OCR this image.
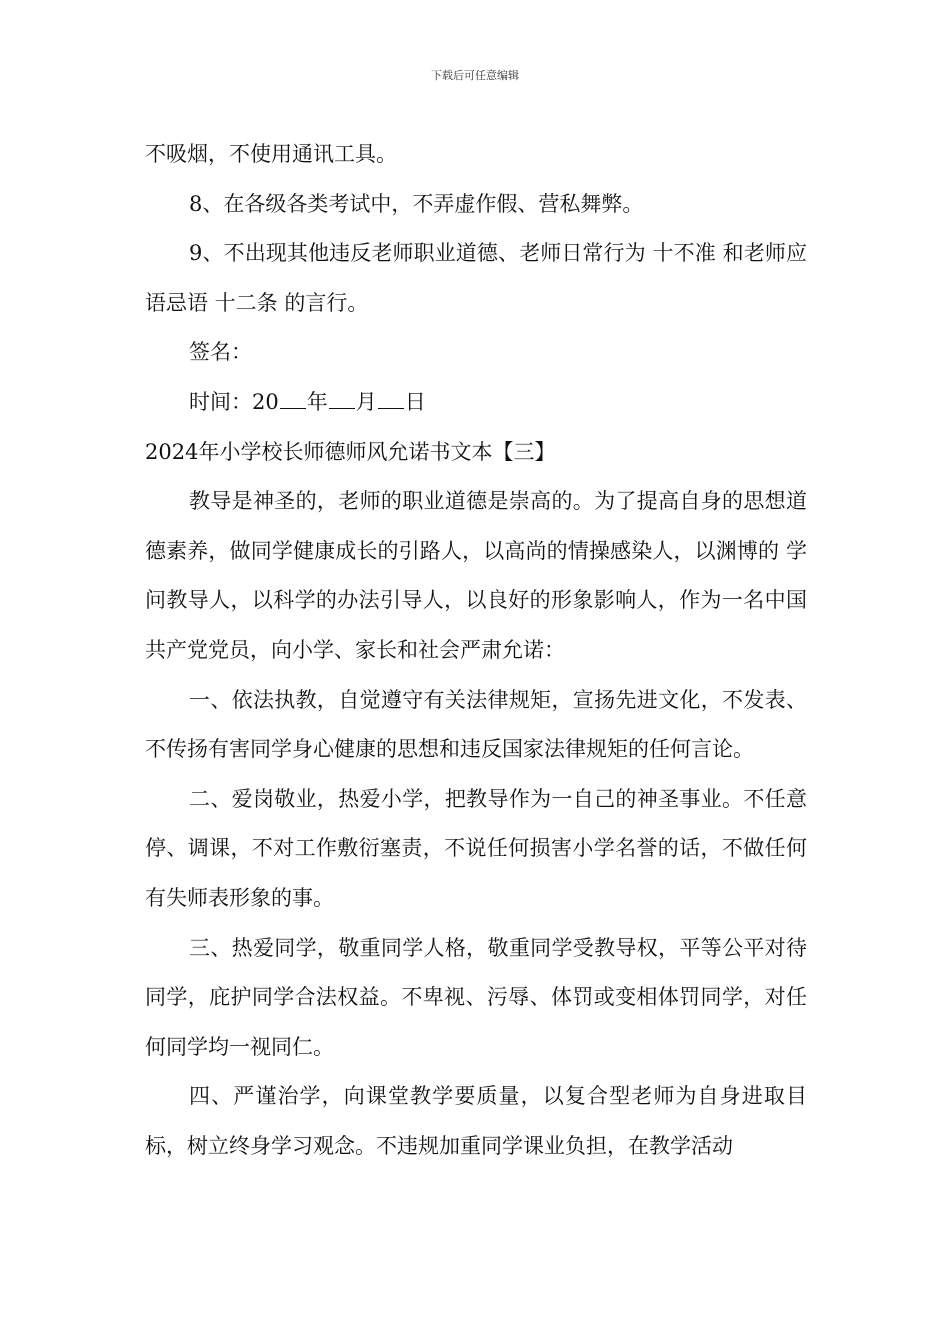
下载后可任意编辑

不吸烟，不使用通讯工具。

8、在各级各类考试中，不弄虚作假、营私舞弊。

9、不出现其他违反老师职业道德、老师日常行为 十不准 和老师应语忌语 十二条 的言行。

签名：

时间：20 年 月 日

2024年小学校长师德师风允诺书文本【三】

教导是神圣的，老师的职业道德是崇高的。为了提高自身的思想道德素养，做同学健康成长的引路人，以高尚的情操感染人，以渊博的 学问教导人，以科学的办法引导人，以良好的形象影响人，作为一名中国共产党党员，向小学、家长和社会严肃允诺：

一、依法执教，自觉遵守有关法律规矩，宣扬先进文化，不发表、不传扬有害同学身心健康的思想和违反国家法律规矩的任何言论。

二、爱岗敬业，热爱小学，把教导作为一自己的神圣事业。不任意停、调课，不对工作敷衍塞责，不说任何损害小学名誉的话，不做任何有失师表形象的事。

三、热爱同学，敬重同学人格，敬重同学受教导权，平等公平对待同学，庇护同学合法权益。不卑视、污辱、体罚或变相体罚同学，对任何同学均一视同仁。

四、严谨治学，向课堂教学要质量，以复合型老师为自身进取目标，树立终身学习观念。不违规加重同学课业负担，在教学活动
